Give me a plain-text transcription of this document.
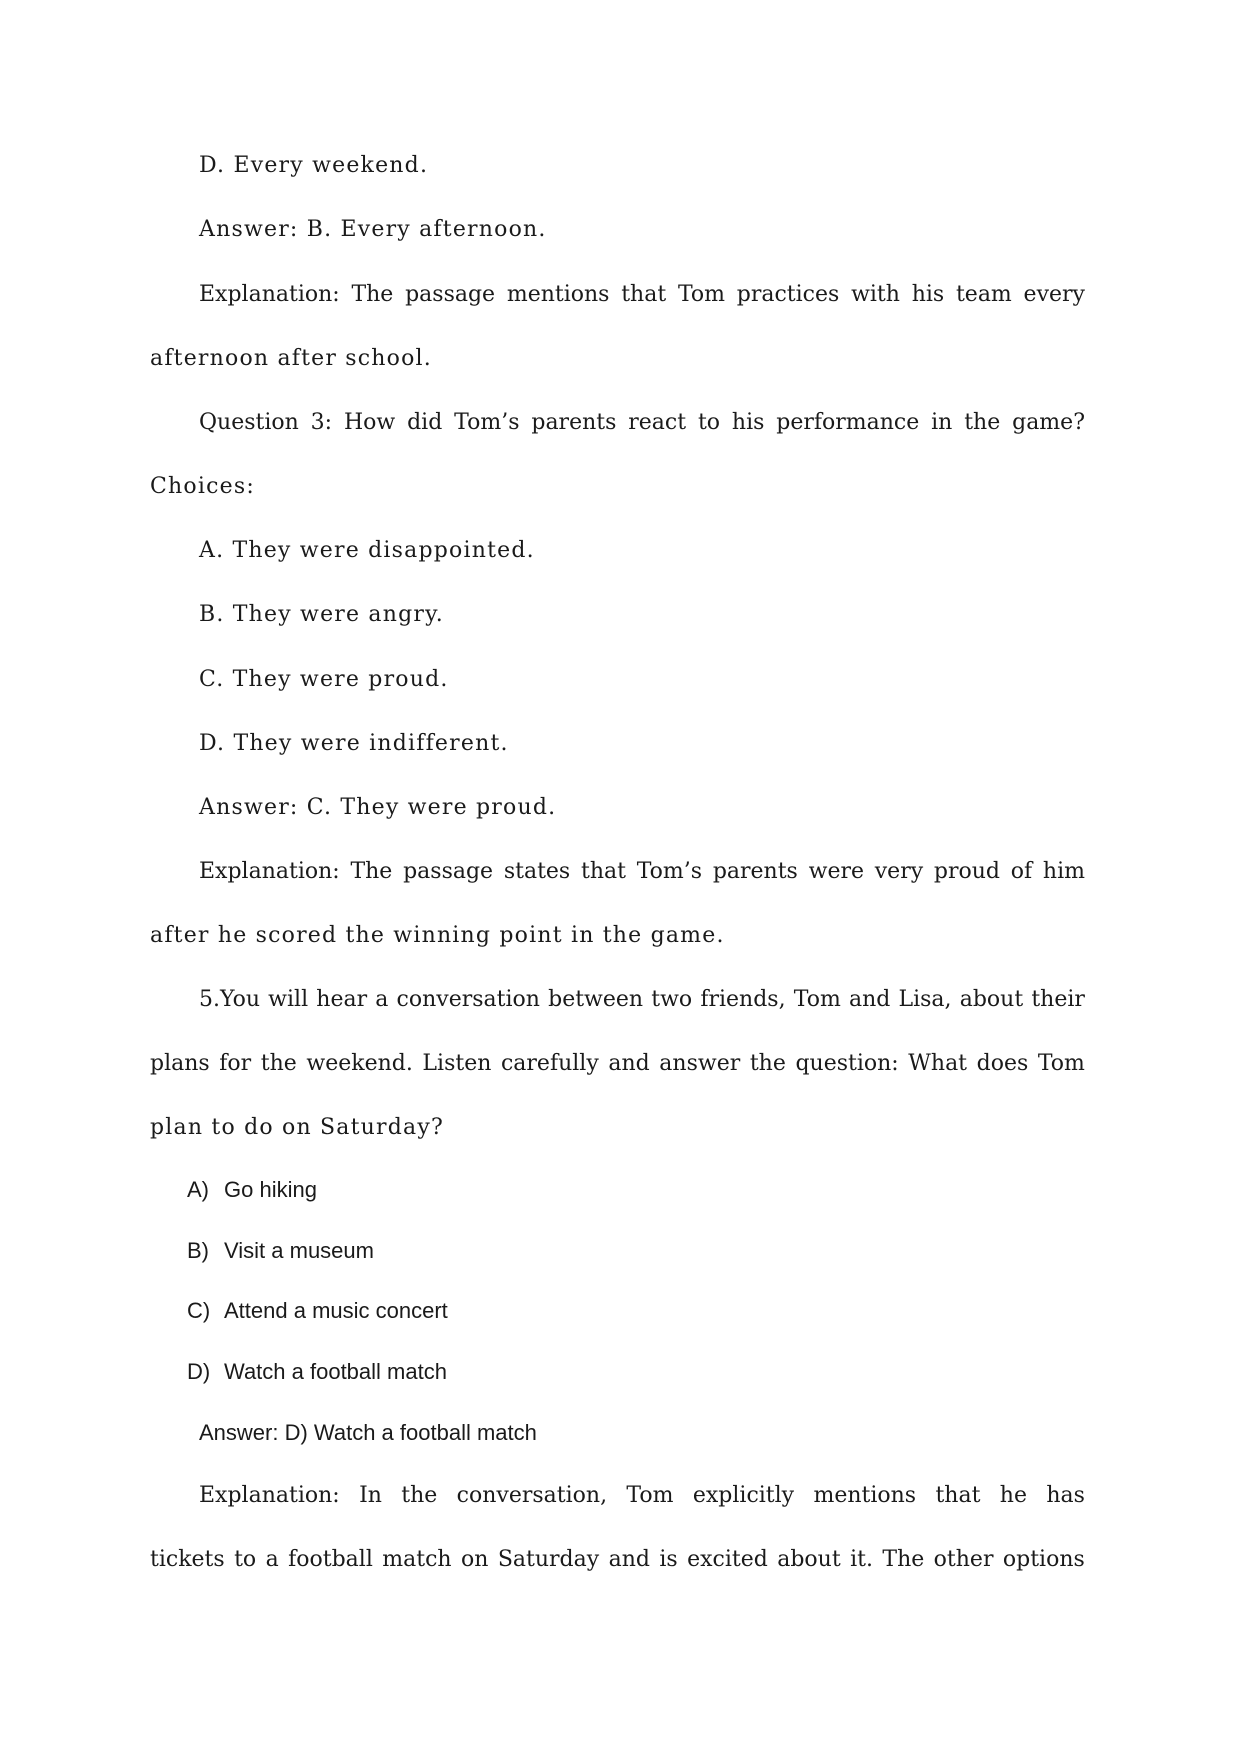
D. Every weekend.
Answer: B. Every afternoon.
Explanation: The passage mentions that Tom practices with his team every
afternoon after school.
Question 3: How did Tom’s parents react to his performance in the game?
Choices:
A. They were disappointed.
B. They were angry.
C. They were proud.
D. They were indifferent.
Answer: C. They were proud.
Explanation: The passage states that Tom’s parents were very proud of him
after he scored the winning point in the game.
5.You will hear a conversation between two friends, Tom and Lisa, about their
plans for the weekend. Listen carefully and answer the question: What does Tom
plan to do on Saturday?
A) Go hiking
B) Visit a museum
C) Attend a music concert
D) Watch a football match
Answer: D) Watch a football match
Explanation: In the conversation, Tom explicitly mentions that he has
tickets to a football match on Saturday and is excited about it. The other options
